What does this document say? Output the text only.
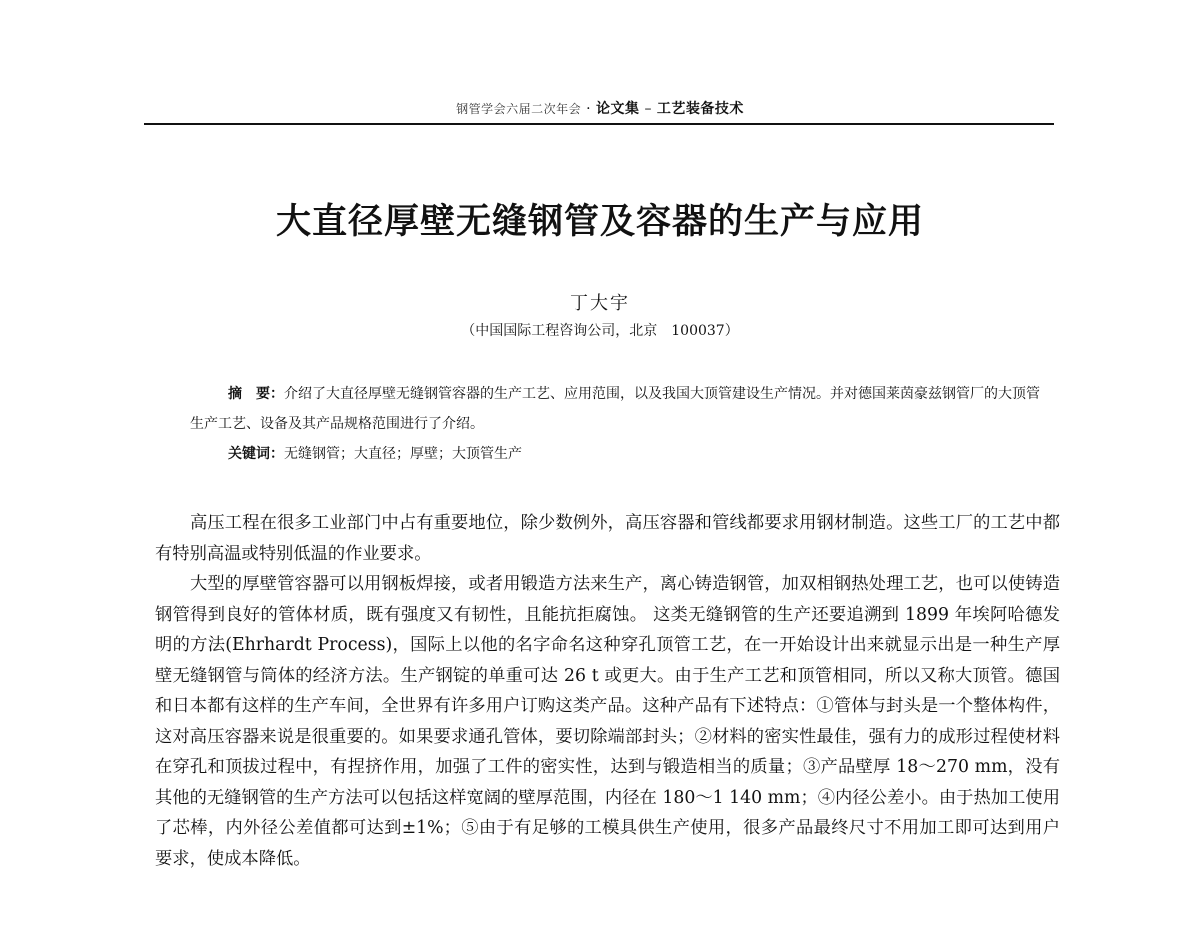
钢管学会六届二次年会 · 论文集 – 工艺装备技术
大直径厚壁无缝钢管及容器的生产与应用
丁大宇
（中国国际工程咨询公司，北京　100037）

摘　要：介绍了大直径厚壁无缝钢管容器的生产工艺、应用范围，以及我国大顶管建设生产情况。并对德国莱茵豪兹钢管厂的大顶管生产工艺、设备及其产品规格范围进行了介绍。

关键词：无缝钢管；大直径；厚壁；大顶管生产

高压工程在很多工业部门中占有重要地位，除少数例外，高压容器和管线都要求用钢材制造。这些工厂的工艺中都有特别高温或特别低温的作业要求。

大型的厚壁管容器可以用钢板焊接，或者用锻造方法来生产，离心铸造钢管，加双相钢热处理工艺，也可以使铸造钢管得到良好的管体材质，既有强度又有韧性，且能抗拒腐蚀。 这类无缝钢管的生产还要追溯到 1899 年埃阿哈德发明的方法(Ehrhardt Process)，国际上以他的名字命名这种穿孔顶管工艺，在一开始设计出来就显示出是一种生产厚壁无缝钢管与筒体的经济方法。生产钢锭的单重可达 26 t 或更大。由于生产工艺和顶管相同，所以又称大顶管。德国和日本都有这样的生产车间，全世界有许多用户订购这类产品。这种产品有下述特点：①管体与封头是一个整体构件，这对高压容器来说是很重要的。如果要求通孔管体，要切除端部封头；②材料的密实性最佳，强有力的成形过程使材料在穿孔和顶拔过程中，有捏挤作用，加强了工件的密实性，达到与锻造相当的质量；③产品壁厚 18～270 mm，没有其他的无缝钢管的生产方法可以包括这样宽阔的壁厚范围，内径在 180～1 140 mm；④内径公差小。由于热加工使用了芯棒，内外径公差值都可达到±1%；⑤由于有足够的工模具供生产使用，很多产品最终尺寸不用加工即可达到用户要求，使成本降低。
